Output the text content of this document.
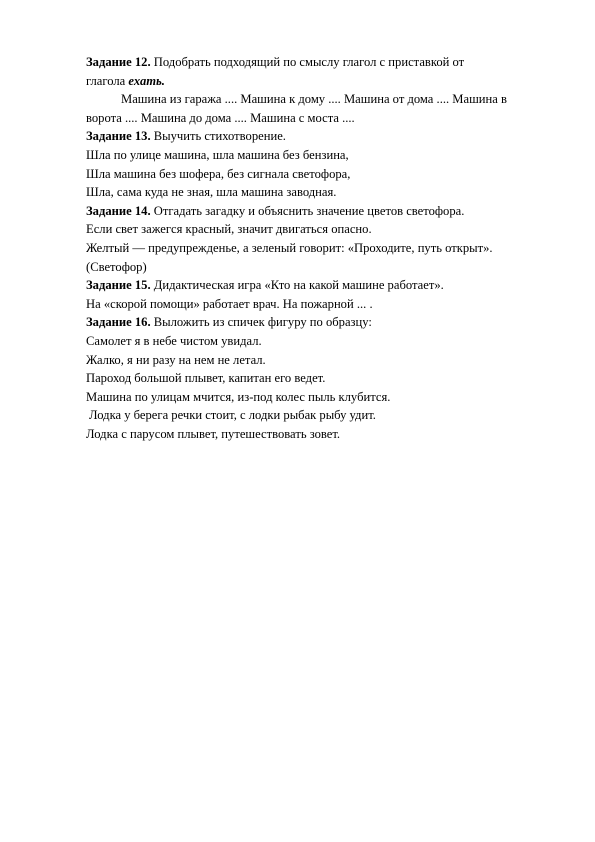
Задание 12. Подобрать подходящий по смыслу глагол с приставкой от
глагола ехать.
Машина из гаража .... Машина к дому .... Машина от дома .... Машина в
ворота .... Машина до дома .... Машина с моста ....
Задание 13. Выучить стихотворение.
Шла по улице машина, шла машина без бензина,
Шла машина без шофера, без сигнала светофора,
Шла, сама куда не зная, шла машина заводная.
Задание 14. Отгадать загадку и объяснить значение цветов светофора.
Если свет зажегся красный, значит двигаться опасно.
Желтый — предупрежденье, а зеленый говорит: «Проходите, путь открыт».
(Светофор)
Задание 15. Дидактическая игра «Кто на какой машине работает».
На «скорой помощи» работает врач. На пожарной ... .
Задание 16. Выложить из спичек фигуру по образцу:
Самолет я в небе чистом увидал.
Жалко, я ни разу на нем не летал.
Пароход большой плывет, капитан его ведет.
Машина по улицам мчится, из-под колес пыль клубится.
Лодка у берега речки стоит, с лодки рыбак рыбу удит.
Лодка с парусом плывет, путешествовать зовет.
